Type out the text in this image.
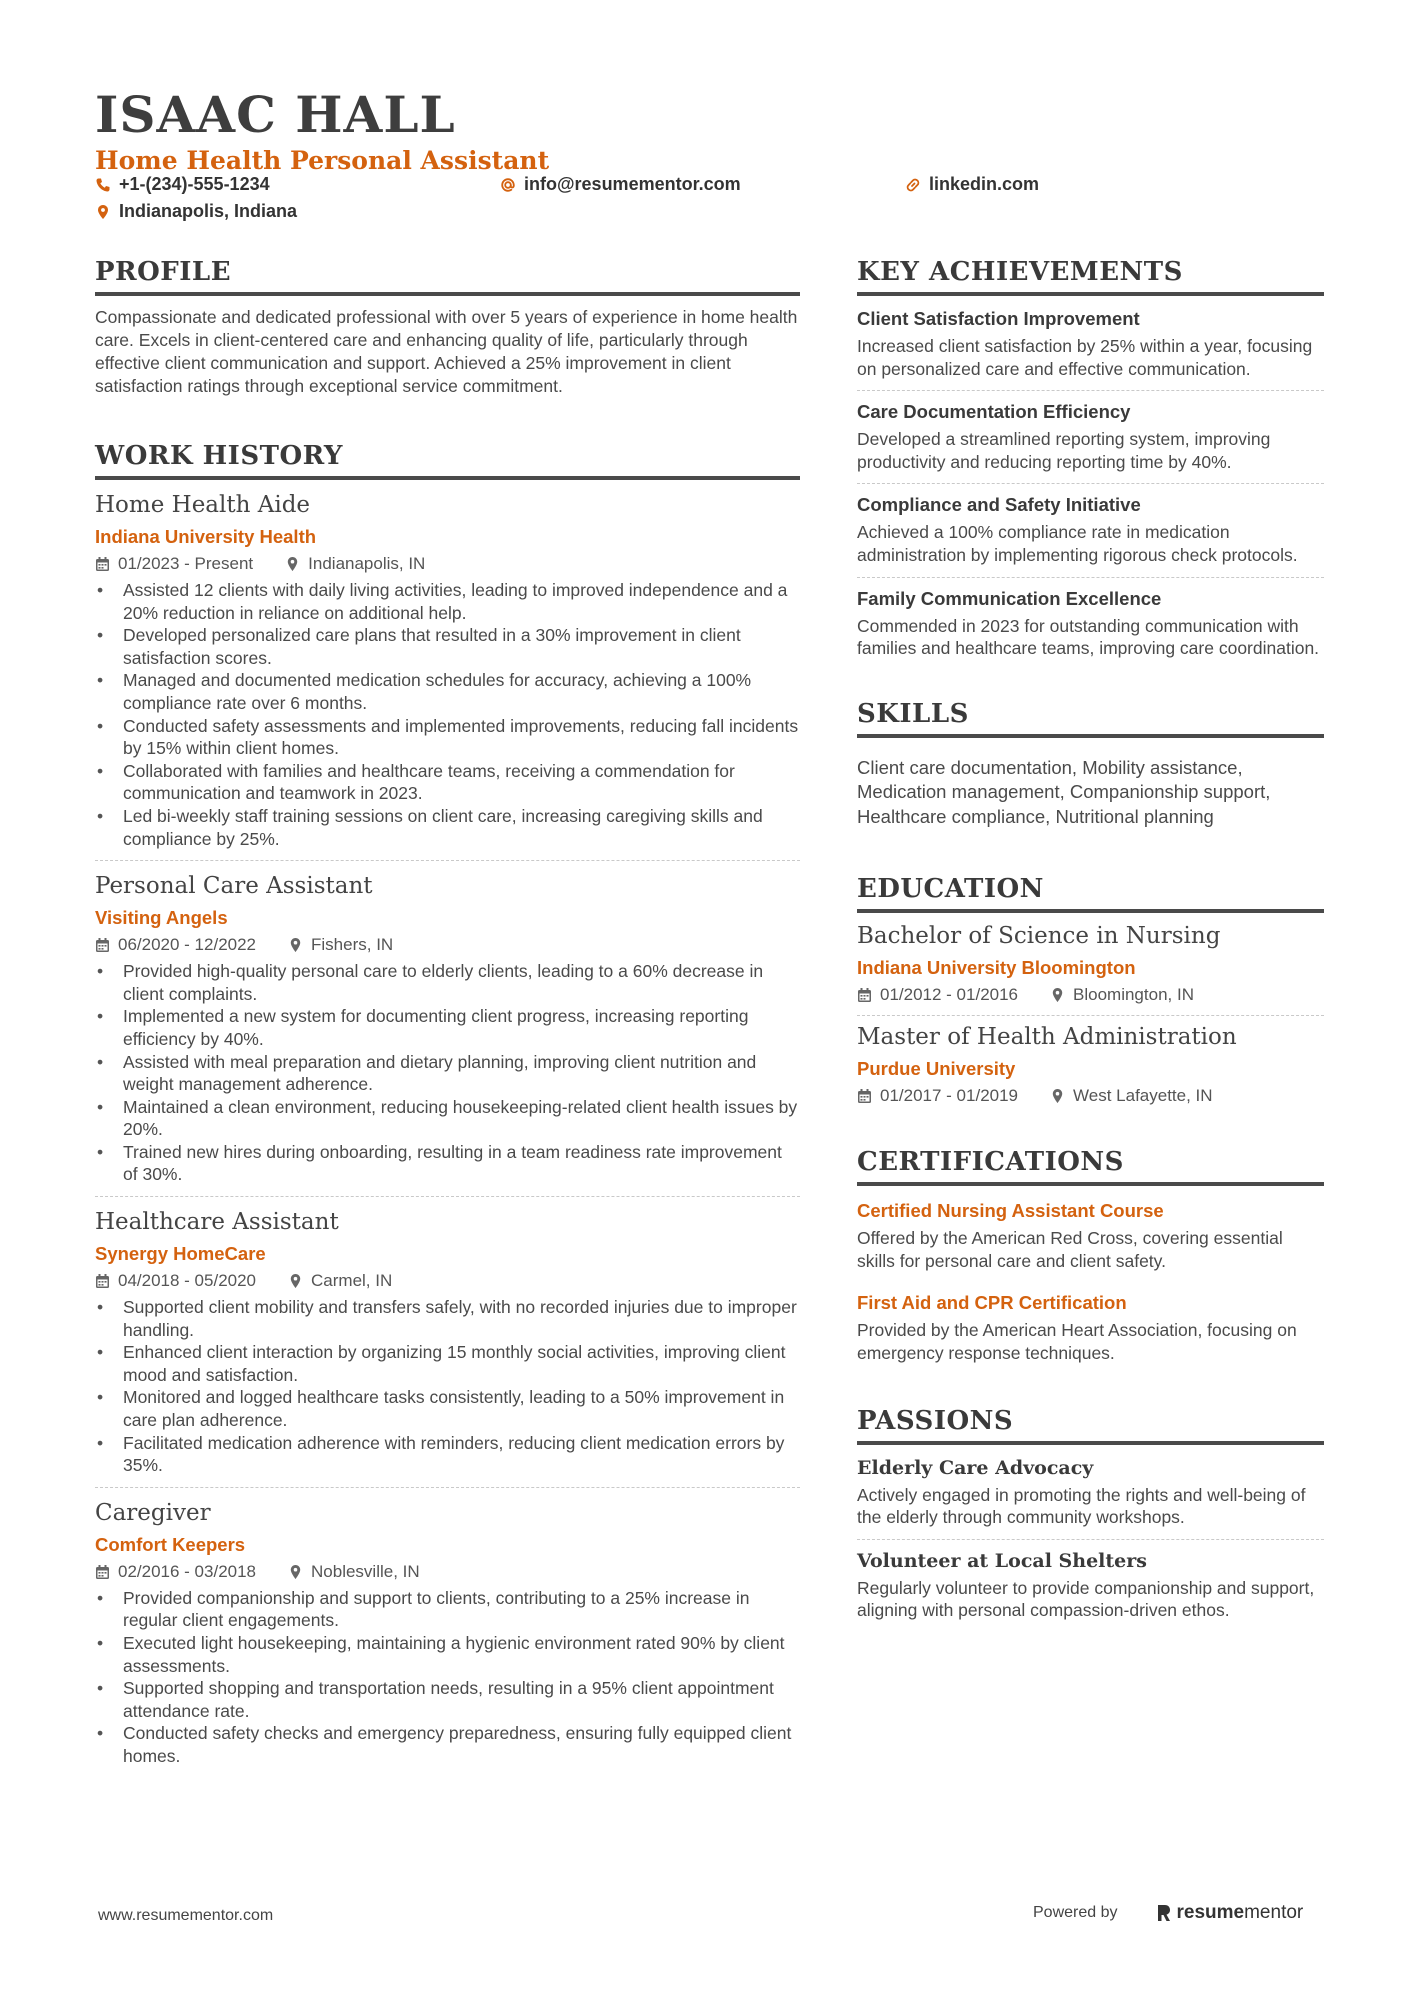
ISAAC HALL
Home Health Personal Assistant
+1-(234)-555-1234	info@resumementor.com	linkedin.com
Indianapolis, Indiana
PROFILE

Compassionate and dedicated professional with over 5 years of experience in home health care. Excels in client-centered care and enhancing quality of life, particularly through effective client communication and support. Achieved a 25% improvement in client satisfaction ratings through exceptional service commitment.

WORK HISTORY
Home Health Aide
Indiana University Health
01/2023 - Present	Indianapolis, IN
• Assisted 12 clients with daily living activities, leading to improved independence and a 20% reduction in reliance on additional help.
• Developed personalized care plans that resulted in a 30% improvement in client satisfaction scores.
• Managed and documented medication schedules for accuracy, achieving a 100% compliance rate over 6 months.
• Conducted safety assessments and implemented improvements, reducing fall incidents by 15% within client homes.
• Collaborated with families and healthcare teams, receiving a commendation for communication and teamwork in 2023.
• Led bi-weekly staff training sessions on client care, increasing caregiving skills and compliance by 25%.
Personal Care Assistant
Visiting Angels
06/2020 - 12/2022	Fishers, IN
• Provided high-quality personal care to elderly clients, leading to a 60% decrease in client complaints.
• Implemented a new system for documenting client progress, increasing reporting efficiency by 40%.
• Assisted with meal preparation and dietary planning, improving client nutrition and weight management adherence.
• Maintained a clean environment, reducing housekeeping-related client health issues by 20%.
• Trained new hires during onboarding, resulting in a team readiness rate improvement of 30%.
Healthcare Assistant
Synergy HomeCare
04/2018 - 05/2020	Carmel, IN
• Supported client mobility and transfers safely, with no recorded injuries due to improper handling.
• Enhanced client interaction by organizing 15 monthly social activities, improving client mood and satisfaction.
• Monitored and logged healthcare tasks consistently, leading to a 50% improvement in care plan adherence.
• Facilitated medication adherence with reminders, reducing client medication errors by 35%.
Caregiver
Comfort Keepers
02/2016 - 03/2018	Noblesville, IN
• Provided companionship and support to clients, contributing to a 25% increase in regular client engagements.
• Executed light housekeeping, maintaining a hygienic environment rated 90% by client assessments.
• Supported shopping and transportation needs, resulting in a 95% client appointment attendance rate.
• Conducted safety checks and emergency preparedness, ensuring fully equipped client homes.
KEY ACHIEVEMENTS
Client Satisfaction Improvement
Increased client satisfaction by 25% within a year, focusing on personalized care and effective communication.
Care Documentation Efficiency
Developed a streamlined reporting system, improving productivity and reducing reporting time by 40%.
Compliance and Safety Initiative
Achieved a 100% compliance rate in medication administration by implementing rigorous check protocols.
Family Communication Excellence
Commended in 2023 for outstanding communication with families and healthcare teams, improving care coordination.
SKILLS

Client care documentation, Mobility assistance, Medication management, Companionship support, Healthcare compliance, Nutritional planning

EDUCATION
Bachelor of Science in Nursing
Indiana University Bloomington
01/2012 - 01/2016	Bloomington, IN
Master of Health Administration
Purdue University
01/2017 - 01/2019	West Lafayette, IN
CERTIFICATIONS
Certified Nursing Assistant Course
Offered by the American Red Cross, covering essential skills for personal care and client safety.
First Aid and CPR Certification
Provided by the American Heart Association, focusing on emergency response techniques.
PASSIONS
Elderly Care Advocacy
Actively engaged in promoting the rights and well-being of the elderly through community workshops.
Volunteer at Local Shelters
Regularly volunteer to provide companionship and support, aligning with personal compassion-driven ethos.
www.resumementor.com	Powered by	resumementor
